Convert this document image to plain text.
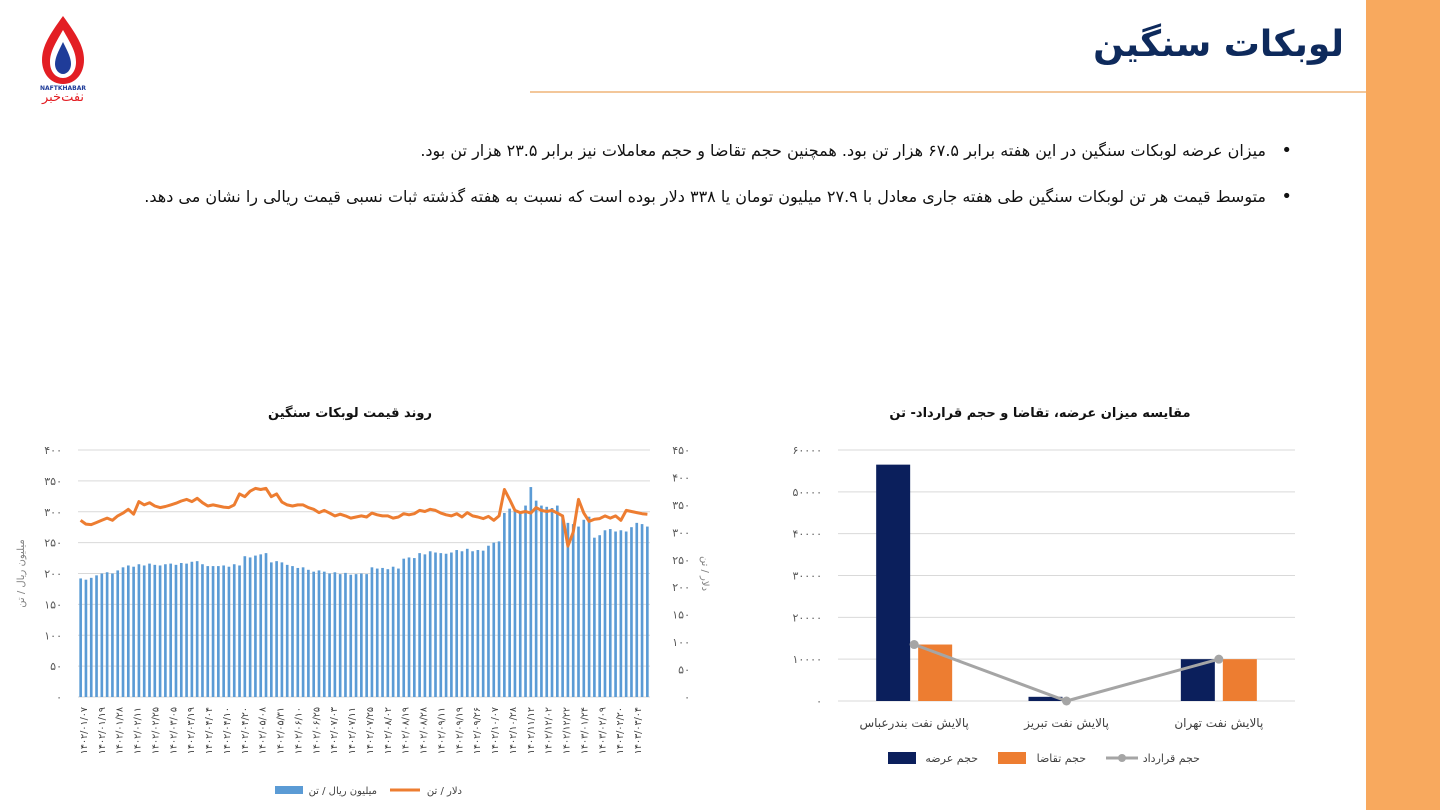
لوبکات سنگین
NAFTKHABAR
نفت‌خبر
• میزان عرضه لوبکات سنگین در این هفته برابر ۶۷.۵ هزار تن بود. همچنین حجم تقاضا و حجم معاملات نیز برابر ۲۳.۵ هزار تن بود.
• متوسط قیمت هر تن لوبکات سنگین طی هفته جاری معادل با ۲۷.۹ میلیون تومان یا ۳۳۸ دلار بوده است که نسبت به هفته گذشته ثبات نسبی قیمت ریالی را نشان می دهد.
روند قیمت لوبکات سنگین
۴۰۰
۳۵۰
۳۰۰
۲۵۰
۲۰۰
۱۵۰
۱۰۰
۵۰
۰
۴۵۰
۴۰۰
۳۵۰
۳۰۰
۲۵۰
۲۰۰
۱۵۰
۱۰۰
۵۰
۰
۱۴۰۲/۰۱/۰۷ ۱۴۰۲/۰۱/۱۹ ۱۴۰۲/۰۱/۲۸ ۱۴۰۲/۰۲/۱۱ ۱۴۰۲/۰۲/۲۵ ۱۴۰۲/۰۳/۰۵ ۱۴۰۲/۰۳/۱۹ ۱۴۰۲/۰۴/۰۴ ۱۴۰۲/۰۴/۱۰ ۱۴۰۲/۰۴/۲۰ ۱۴۰۲/۰۵/۰۸ ۱۴۰۲/۰۵/۳۱ ۱۴۰۲/۰۶/۱۰ ۱۴۰۲/۰۶/۲۵ ۱۴۰۲/۰۷/۰۳ ۱۴۰۲/۰۷/۱۱ ۱۴۰۲/۰۷/۲۵ ۱۴۰۲/۰۸/۰۲ ۱۴۰۲/۰۸/۱۹ ۱۴۰۲/۰۸/۲۸ ۱۴۰۲/۰۹/۱۱ ۱۴۰۲/۰۹/۱۹ ۱۴۰۲/۰۹/۲۶ ۱۴۰۲/۱۰/۰۷ ۱۴۰۲/۱۰/۲۸ ۱۴۰۲/۱۱/۱۲ ۱۴۰۲/۱۲/۰۲ ۱۴۰۲/۱۲/۲۲ ۱۴۰۳/۰۱/۲۴ ۱۴۰۳/۰۲/۰۹ ۱۴۰۳/۰۲/۲۰ ۱۴۰۳/۰۳/۰۴
میلیون ریال / تن	دلار / تن
دلار / تن
میلیون ریال / تن
مقایسه میزان عرضه، تقاضا و حجم قرارداد- تن
۶۰۰۰۰
۵۰۰۰۰
۴۰۰۰۰
۳۰۰۰۰
۲۰۰۰۰
۱۰۰۰۰
۰
پالایش نفت بندرعباس	پالایش نفت تبریز	پالایش نفت تهران
حجم قرارداد
حجم تقاضا
حجم عرضه
